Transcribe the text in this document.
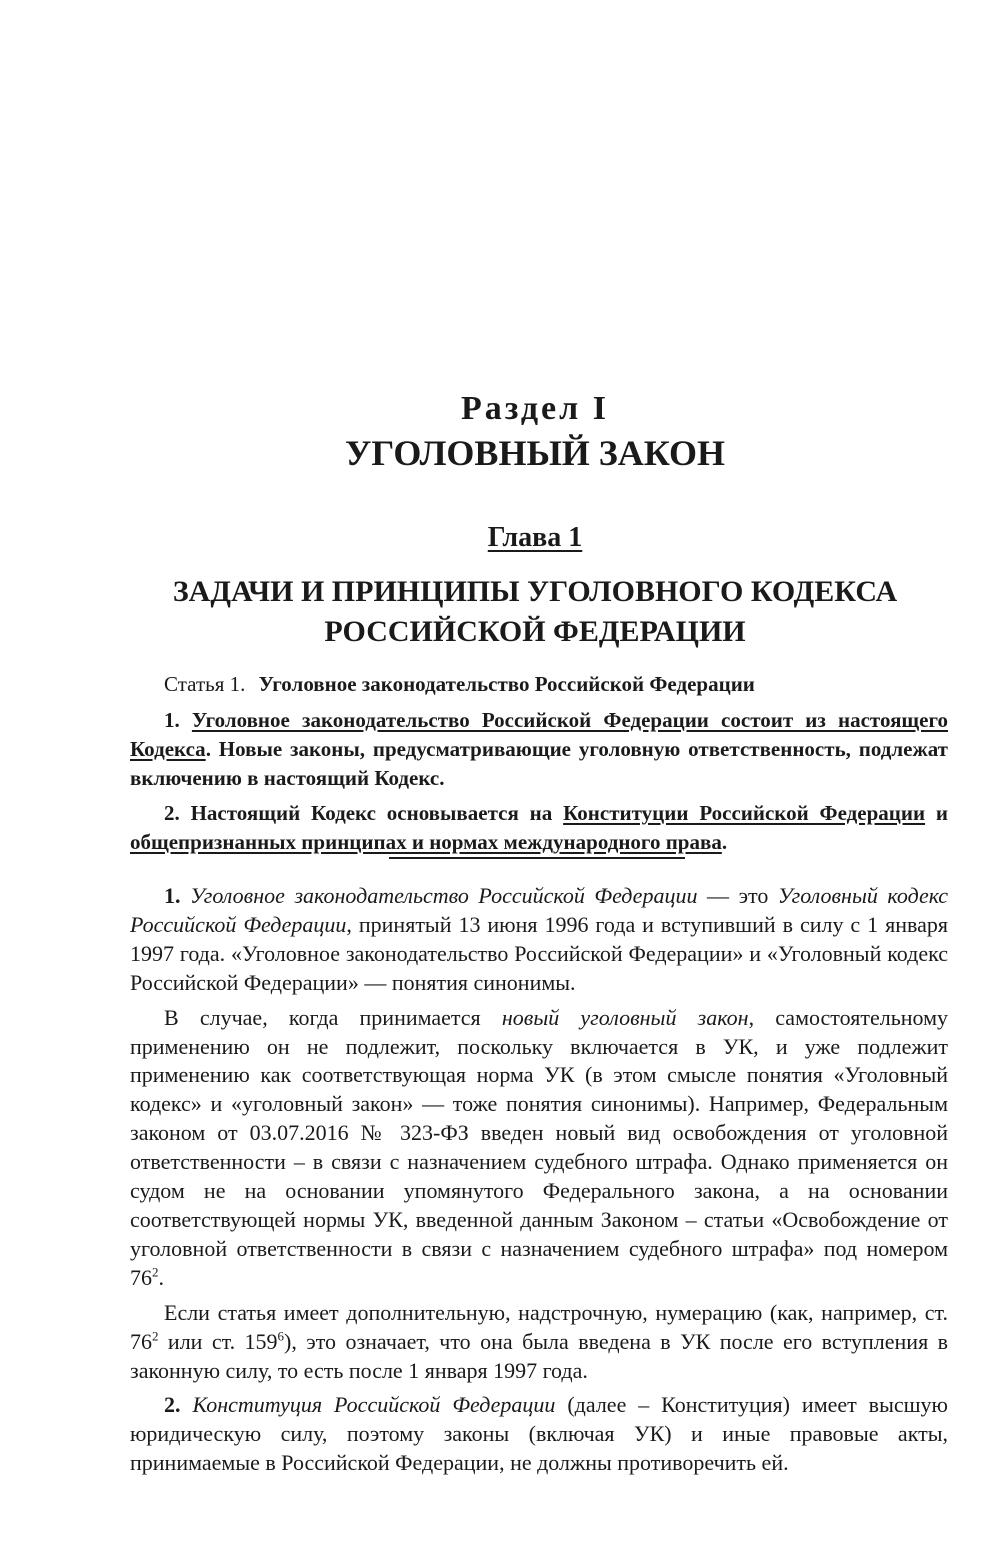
Раздел I
УГОЛОВНЫЙ ЗАКОН
Глава 1
ЗАДАЧИ И ПРИНЦИПЫ УГОЛОВНОГО КОДЕКСА
РОССИЙСКОЙ ФЕДЕРАЦИИ
Статья 1. Уголовное законодательство Российской Федерации

1. Уголовное законодательство Российской Федерации состоит из настоящего Кодекса. Новые законы, предусматривающие уголовную ответственность, подлежат включению в настоящий Кодекс.

2. Настоящий Кодекс основывается на Конституции Российской Федерации и общепризнанных принципах и нормах международного права.

1. Уголовное законодательство Российской Федерации — это Уголовный кодекс Российской Федерации, принятый 13 июня 1996 года и вступивший в силу с 1 января 1997 года. «Уголовное законодательство Российской Федерации» и «Уголовный кодекс Российской Федерации» — понятия синонимы.

В случае, когда принимается новый уголовный закон, самостоятельному применению он не подлежит, поскольку включается в УК, и уже подлежит применению как соответствующая норма УК (в этом смысле понятия «Уголовный кодекс» и «уголовный закон» — тоже понятия синонимы). Например, Федеральным законом от 03.07.2016 № 323-ФЗ введен новый вид освобождения от уголовной ответственности – в связи с назначением судебного штрафа. Однако применяется он судом не на основании упомянутого Федерального закона, а на основании соответствующей нормы УК, введенной данным Законом – статьи «Освобождение от уголовной ответственности в связи с назначением судебного штрафа» под номером $76^2$.

Если статья имеет дополнительную, надстрочную, нумерацию (как, например, ст. $76^2$ или ст. $159^6$), это означает, что она была введена в УК после его вступления в законную силу, то есть после 1 января 1997 года.

2. Конституция Российской Федерации (далее – Конституция) имеет высшую юридическую силу, поэтому законы (включая УК) и иные правовые акты, принимаемые в Российской Федерации, не должны противоречить ей.
